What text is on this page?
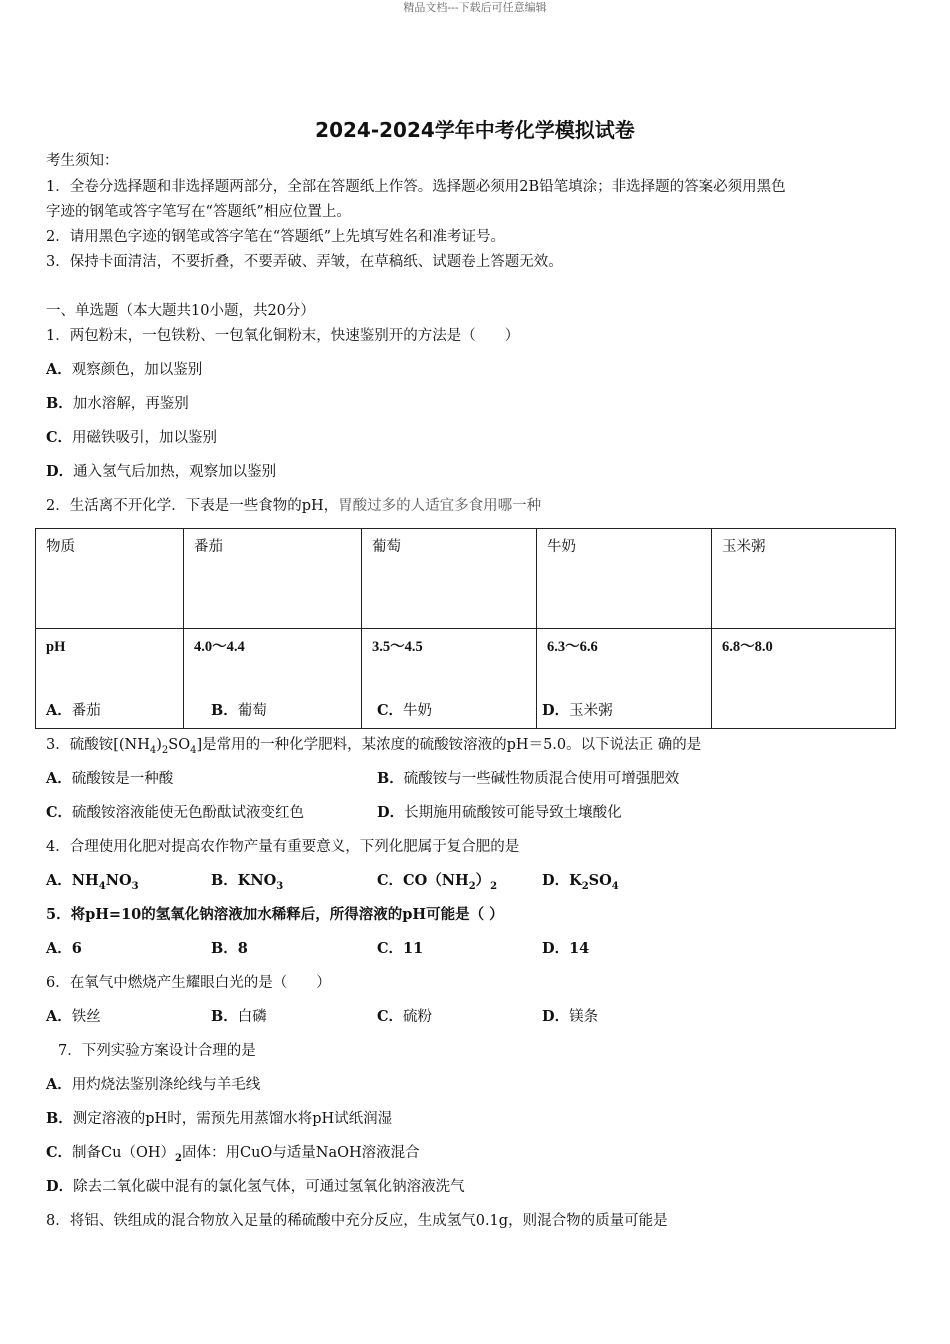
精品文档---下载后可任意编辑
2024-2024学年中考化学模拟试卷
考生须知：
1．全卷分选择题和非选择题两部分，全部在答题纸上作答。选择题必须用2B铅笔填涂；非选择题的答案必须用黑色
字迹的钢笔或答字笔写在“答题纸”相应位置上。
2．请用黑色字迹的钢笔或答字笔在“答题纸”上先填写姓名和准考证号。
3．保持卡面清洁，不要折叠，不要弄破、弄皱，在草稿纸、试题卷上答题无效。
一、单选题（本大题共10小题，共20分）
1．两包粉末，一包铁粉、一包氧化铜粉末，快速鉴别开的方法是（　　）
A．观察颜色，加以鉴别
B．加水溶解，再鉴别
C．用磁铁吸引，加以鉴别
D．通入氢气后加热，观察加以鉴别
2．生活离不开化学．下表是一些食物的pH，胃酸过多的人适宜多食用哪一种
物质	番茄	葡萄	牛奶	玉米粥
pH	4.0～4.4	3.5～4.5	6.3～6.6	6.8～8.0
A．番茄	B．葡萄	C．牛奶	D．玉米粥
3．硫酸铵$[(NH_4)_2SO_4]$是常用的一种化学肥料，某浓度的硫酸铵溶液的pH＝5.0。以下说法正 确的是
A．硫酸铵是一种酸	B．硫酸铵与一些碱性物质混合使用可增强肥效
C．硫酸铵溶液能使无色酚酞试液变红色	D．长期施用硫酸铵可能导致土壤酸化
4．合理使用化肥对提高农作物产量有重要意义，下列化肥属于复合肥的是
A．$NH_4NO_3$	B．$KNO_3$	C．$CO(NH_2)_2$	D．$K_2SO_4$
5．将pH=10的氢氧化钠溶液加水稀释后，所得溶液的pH可能是（ ）
A．6	B．8	C．11	D．14
6．在氧气中燃烧产生耀眼白光的是（　　）
A．铁丝	B．白磷	C．硫粉	D．镁条
7．下列实验方案设计合理的是
A．用灼烧法鉴别涤纶线与羊毛线
B．测定溶液的pH时，需预先用蒸馏水将pH试纸润湿
C．制备$Cu(OH)_2$固体：用CuO与适量NaOH溶液混合
D．除去二氧化碳中混有的氯化氢气体，可通过氢氧化钠溶液洗气
8．将铝、铁组成的混合物放入足量的稀硫酸中充分反应，生成氢气0.1g，则混合物的质量可能是
